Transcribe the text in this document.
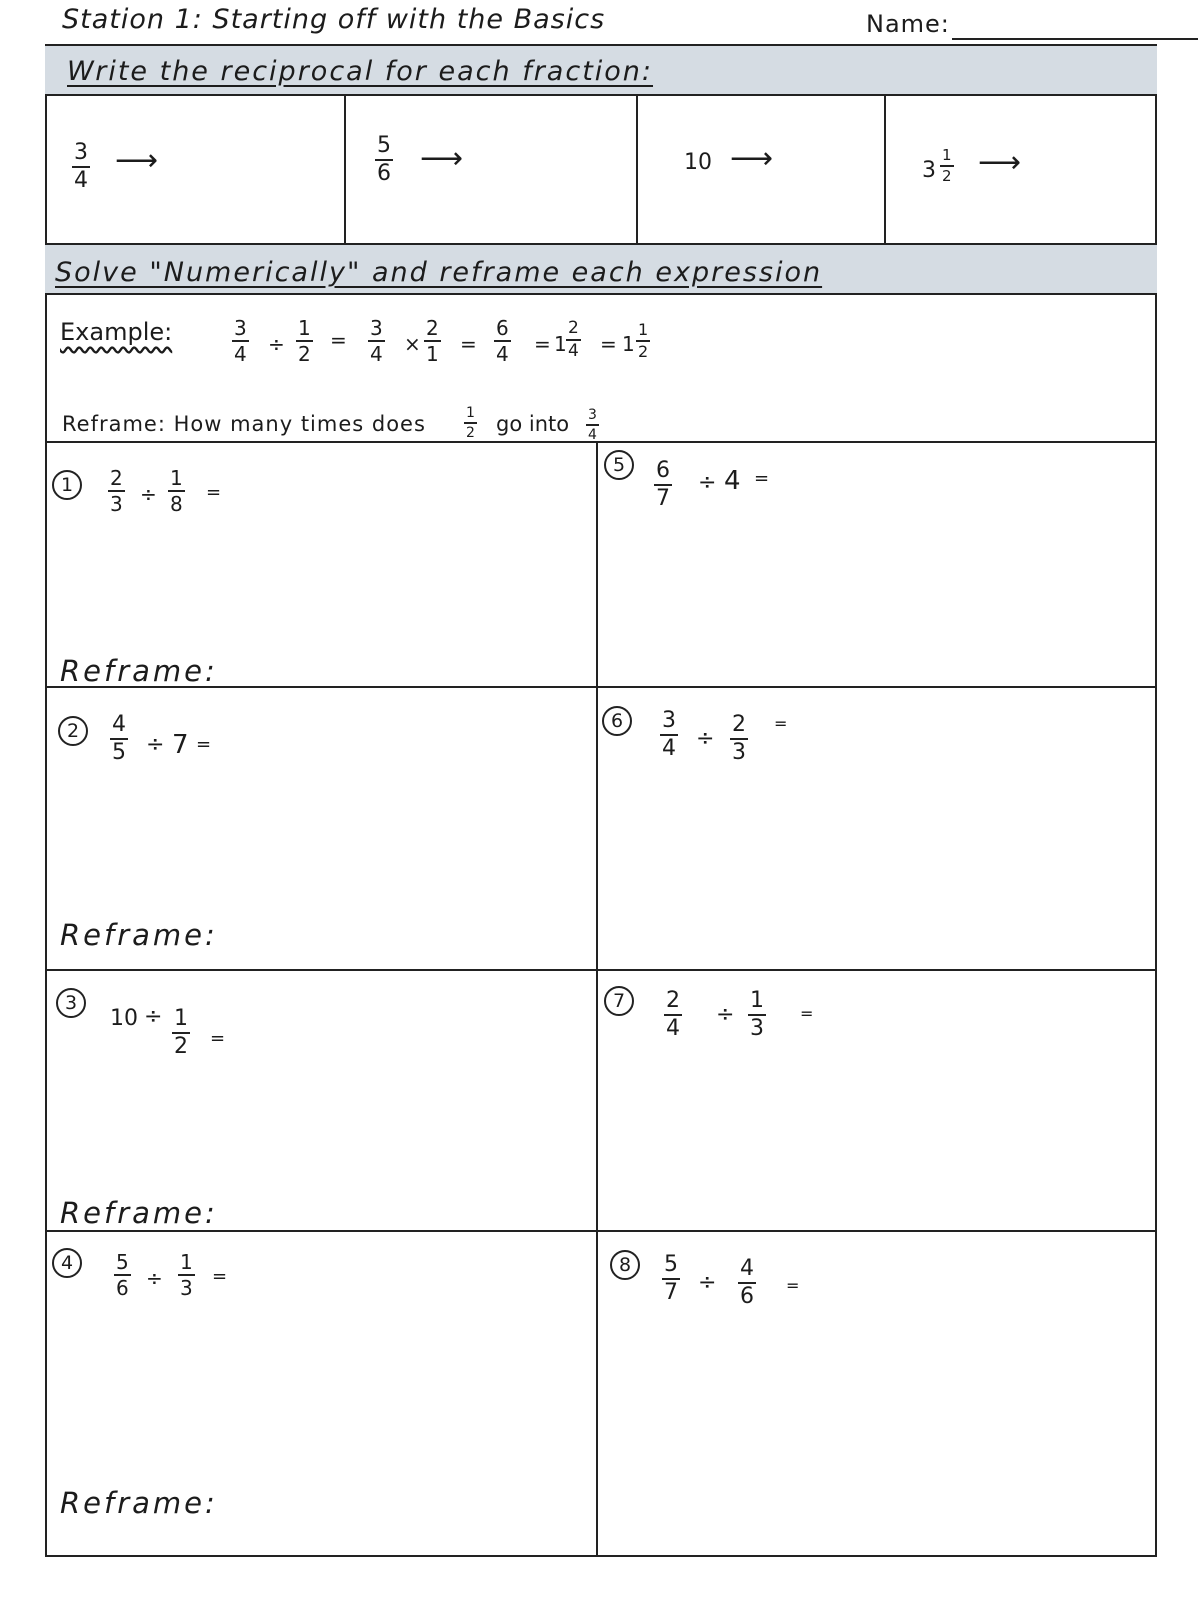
Station 1: Starting off with the Basics	Name:
Write the reciprocal for each fraction:
$\frac{3}{4}$ ⟶	$\frac{5}{6}$ ⟶	10 ⟶	$3 \frac{1}{2}$ ⟶
Solve "Numerically" and reframe each expression
Example:	$\frac{3}{4} \div \frac{1}{2} = \frac{3}{4} \times \frac{2}{1} = \frac{6}{4} = 1 \frac{2}{4} = 1 \frac{1}{2}$
Reframe: How many times does	$\frac{1}{2}$ go into $\frac{3}{4}$
1	$\frac{2}{3} \div \frac{1}{8}$ =
Reframe:
2	$\frac{4}{5} \div 7$ =
Reframe:
3
$10 \div \frac{1}{2}$ =
Reframe:
4	$\frac{5}{6} \div \frac{1}{3}$ =
Reframe:
5	$\frac{6}{7} \div 4$ =
6	$\frac{3}{4} \div \frac{2}{3}$ =
7	$\frac{2}{4} \div \frac{1}{3}$ =
8	$\frac{5}{7} \div \frac{4}{6}$ =
